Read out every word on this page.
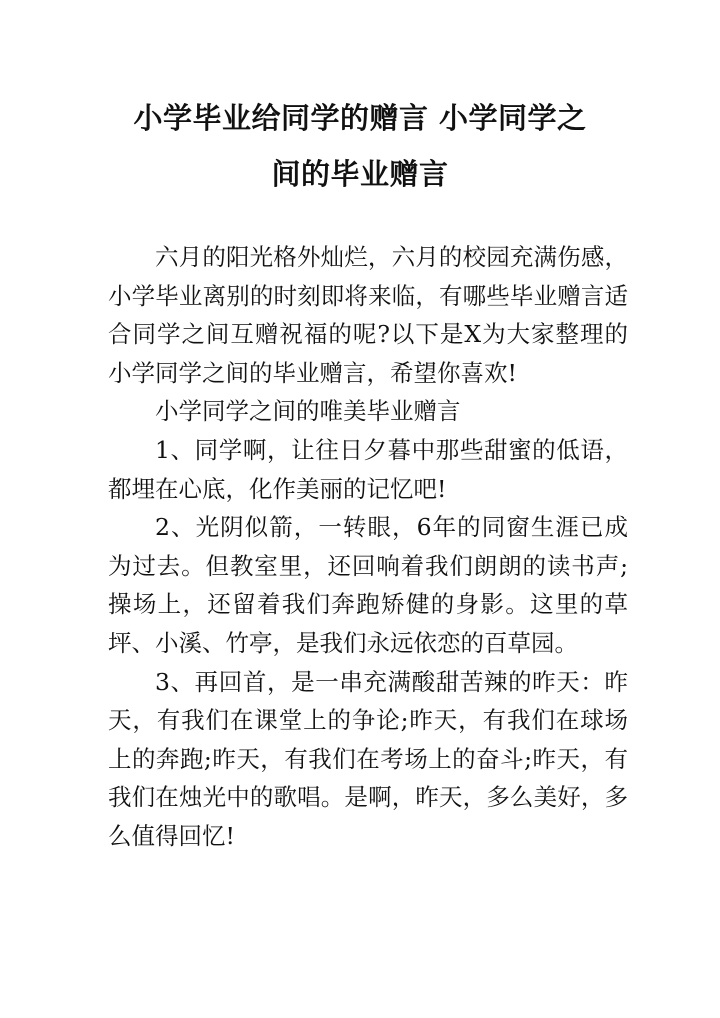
小学毕业给同学的赠言 小学同学之
间的毕业赠言

六月的阳光格外灿烂，六月的校园充满伤感，小学毕业离别的时刻即将来临，有哪些毕业赠言适合同学之间互赠祝福的呢?以下是X为大家整理的小学同学之间的毕业赠言，希望你喜欢!

小学同学之间的唯美毕业赠言

1、同学啊，让往日夕暮中那些甜蜜的低语，都埋在心底，化作美丽的记忆吧!

2、光阴似箭，一转眼，6年的同窗生涯已成为过去。但教室里，还回响着我们朗朗的读书声;操场上，还留着我们奔跑矫健的身影。这里的草坪、小溪、竹亭，是我们永远依恋的百草园。

3、再回首，是一串充满酸甜苦辣的昨天：昨天，有我们在课堂上的争论;昨天，有我们在球场上的奔跑;昨天，有我们在考场上的奋斗;昨天，有我们在烛光中的歌唱。是啊，昨天，多么美好，多么值得回忆!
